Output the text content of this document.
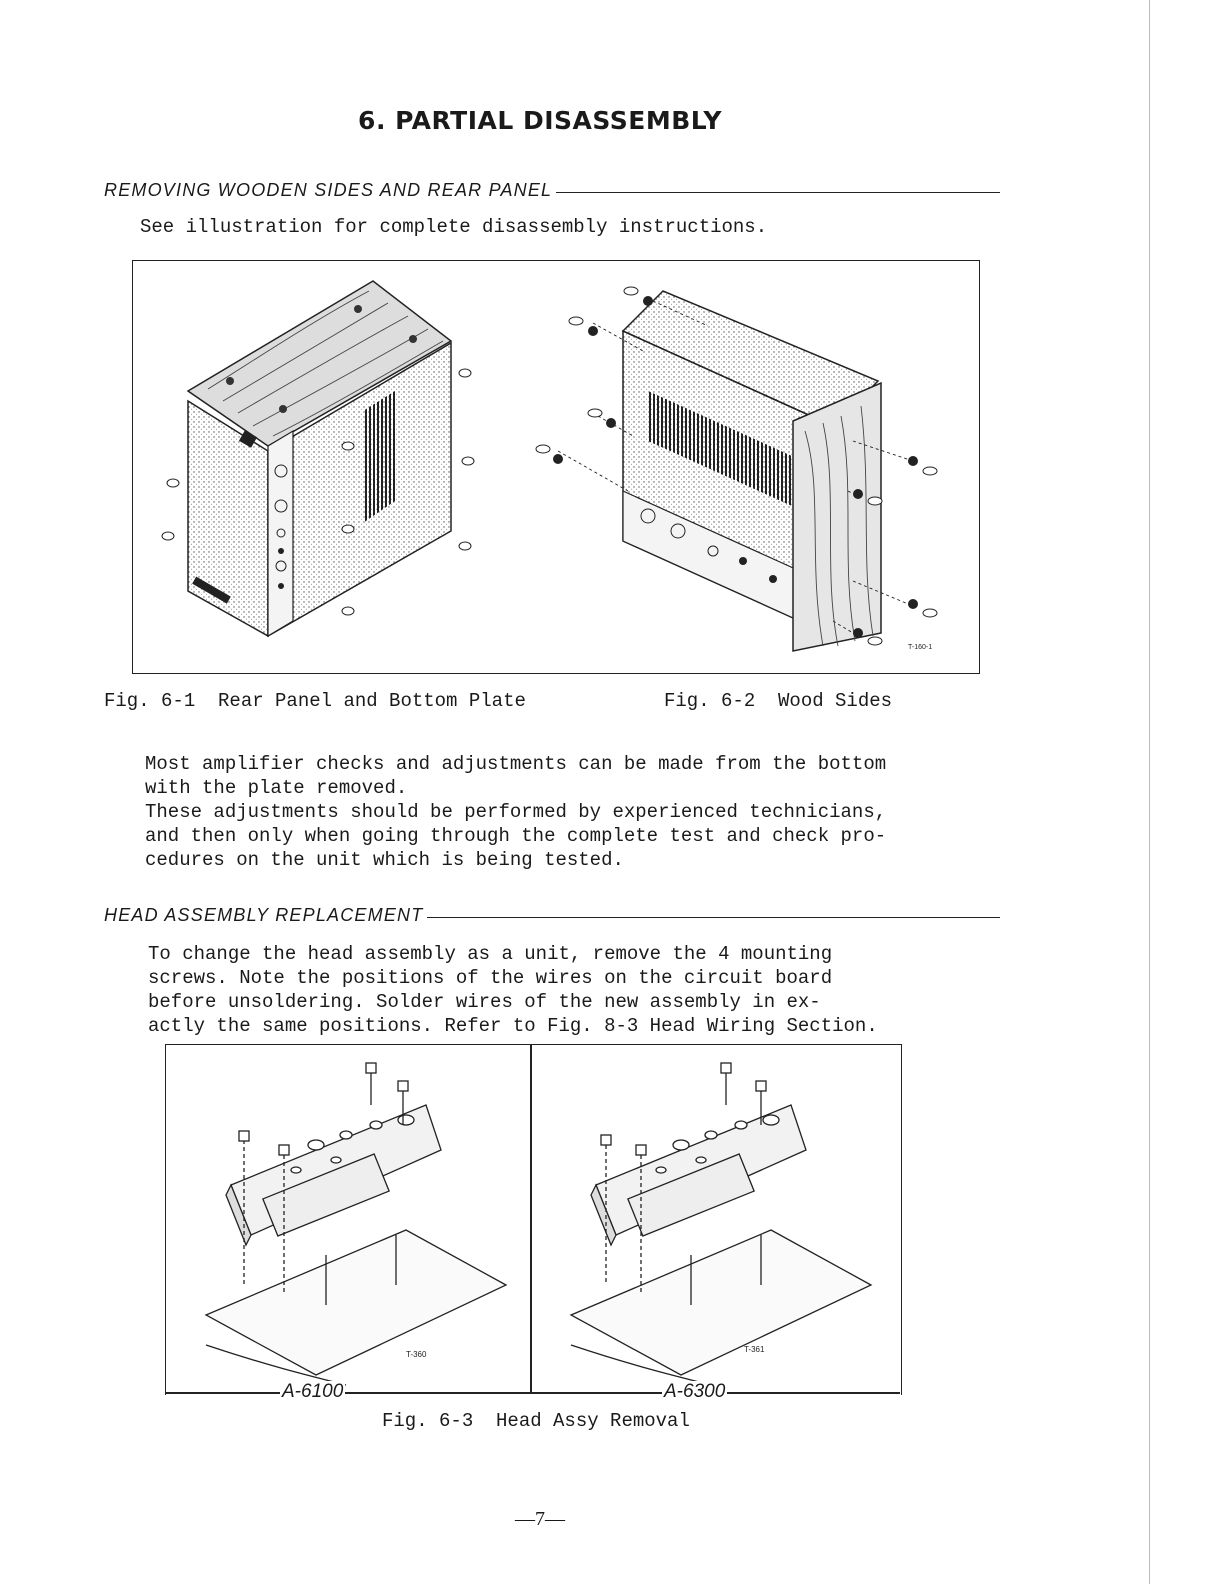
6. PARTIAL DISASSEMBLY
REMOVING WOODEN SIDES AND REAR PANEL
See illustration for complete disassembly instructions.
T-160-1
Fig. 6-1  Rear Panel and Bottom Plate	Fig. 6-2  Wood Sides
Most amplifier checks and adjustments can be made from the bottom
with the plate removed.
These adjustments should be performed by experienced technicians,
and then only when going through the complete test and check pro-
cedures on the unit which is being tested.
HEAD ASSEMBLY REPLACEMENT
To change the head assembly as a unit, remove the 4 mounting
screws. Note the positions of the wires on the circuit board
before unsoldering. Solder wires of the new assembly in ex-
actly the same positions. Refer to Fig. 8-3 Head Wiring Section.
T-360
T-361
A-6100	A-6300
Fig. 6-3  Head Assy Removal
—7—
